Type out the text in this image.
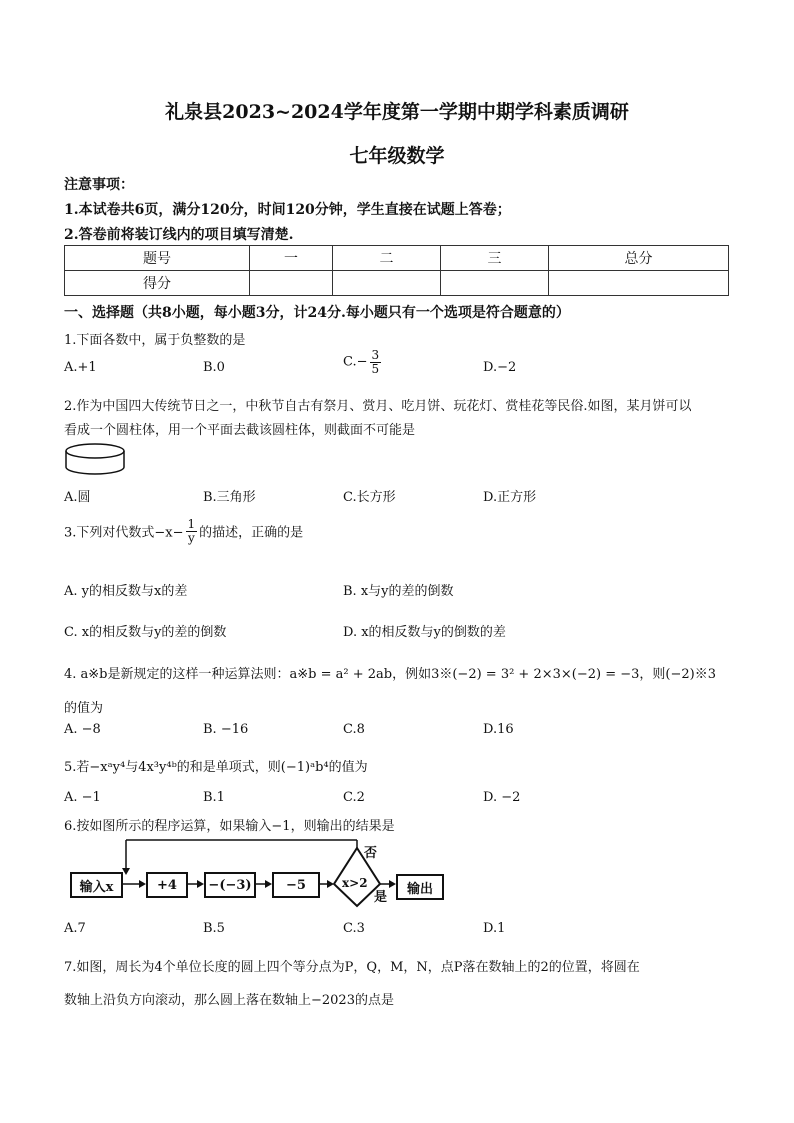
礼泉县2023~2024学年度第一学期中期学科素质调研
七年级数学
注意事项：
1.本试卷共6页，满分120分，时间120分钟，学生直接在试题上答卷；
2.答卷前将装订线内的项目填写清楚.
题号	一	二	三	总分
得分				
一、选择题（共8小题，每小题3分，计24分.每小题只有一个选项是符合题意的）
1.下面各数中，属于负整数的是
A.+1	B.0	$C.- \frac{3}{5}$	D.−2
2.作为中国四大传统节日之一，中秋节自古有祭月、赏月、吃月饼、玩花灯、赏桂花等民俗.如图，某月饼可以
看成一个圆柱体，用一个平面去截该圆柱体，则截面不可能是
A.圆	B.三角形	C.长方形	D.正方形
3.下列对代数式$-x- \frac{1}{y}$ 的描述，正确的是
A. y的相反数与x的差	B. x与y的差的倒数
C. x的相反数与y的差的倒数	D. x的相反数与y的倒数的差
4. a※b是新规定的这样一种运算法则：a※b = a² + 2ab，例如3※(−2) = 3² + 2×3×(−2) = −3，则(−2)※3
的值为
A. −8	B. −16	C.8	D.16
5.若−xᵃy⁴与4x³y⁴ᵇ的和是单项式，则(−1)ᵃb⁴的值为
A. −1	B.1	C.2	D. −2
6.按如图所示的程序运算，如果输入−1，则输出的结果是
输入x	+4	−(−3)	−5	x>2
否
是
输出
A.7	B.5	C.3	D.1
7.如图，周长为4个单位长度的圆上四个等分点为P，Q，M，N，点P落在数轴上的2的位置，将圆在
数轴上沿负方向滚动，那么圆上落在数轴上−2023的点是
